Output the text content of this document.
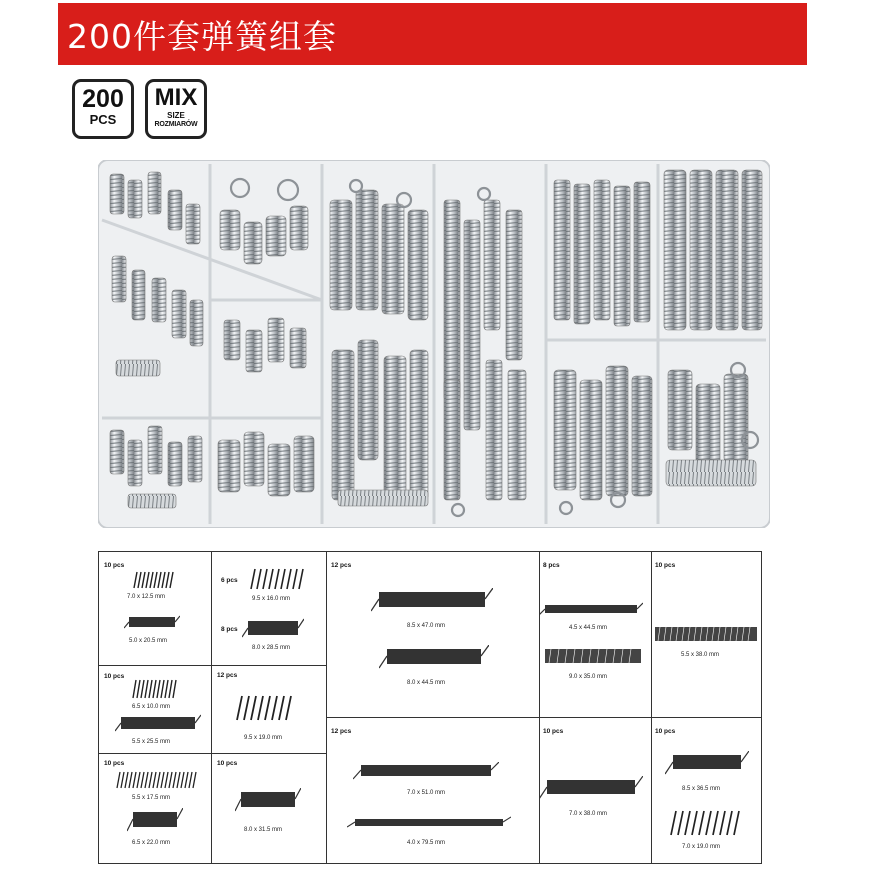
200件套弹簧组套
200
PCS
MIX
SIZE
ROZMIARÓW
10 pcs
7.0 x 12.5 mm
5.0 x 20.5 mm
6 pcs
9.5 x 16.0 mm
8 pcs
8.0 x 28.5 mm
12 pcs
8.5 x 47.0 mm
8.0 x 44.5 mm
8 pcs
4.5 x 44.5 mm
9.0 x 35.0 mm
10 pcs
5.5 x 38.0 mm
10 pcs
6.5 x 10.0 mm
5.5 x 25.5 mm
12 pcs
9.5 x 19.0 mm
12 pcs
7.0 x 51.0 mm
4.0 x 79.5 mm
10 pcs
7.0 x 38.0 mm
10 pcs
8.5 x 36.5 mm
7.0 x 19.0 mm
10 pcs
5.5 x 17.5 mm
6.5 x 22.0 mm
10 pcs
8.0 x 31.5 mm
